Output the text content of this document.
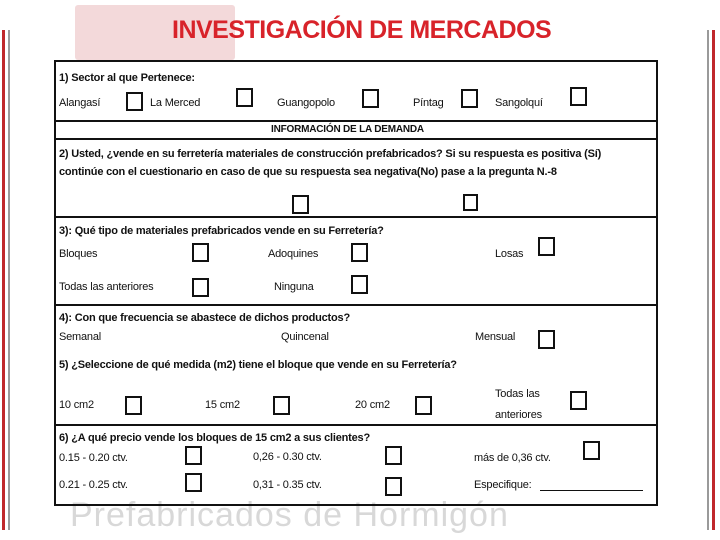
Prefabricados de Hormigón
INVESTIGACIÓN DE MERCADOS
1) Sector al que Pertenece:
Alangasí	La Merced	Guangopolo	Píntag	Sangolquí
INFORMACIÓN DE LA DEMANDA
2) Usted, ¿vende en su ferretería materiales de construcción prefabricados? Si su respuesta es positiva (Sí)
continúe con el cuestionario en caso de que su respuesta sea negativa(No) pase a la pregunta N.-8
3): Qué tipo de materiales prefabricados vende en su Ferretería?
Bloques	Adoquines	Losas
Todas las anteriores	Ninguna
4): Con que frecuencia se abastece de dichos productos?
Semanal	Quincenal	Mensual
5) ¿Seleccione de qué medida (m2) tiene el bloque que vende en su Ferretería?
10 cm2	15 cm2	20 cm2
Todas las
anteriores
6) ¿A qué precio vende los bloques de 15 cm2 a sus clientes?
0.15 - 0.20 ctv.	0,26 - 0.30 ctv.	más de 0,36 ctv.
0.21 - 0.25 ctv.	0,31 - 0.35 ctv.	Especifique:
